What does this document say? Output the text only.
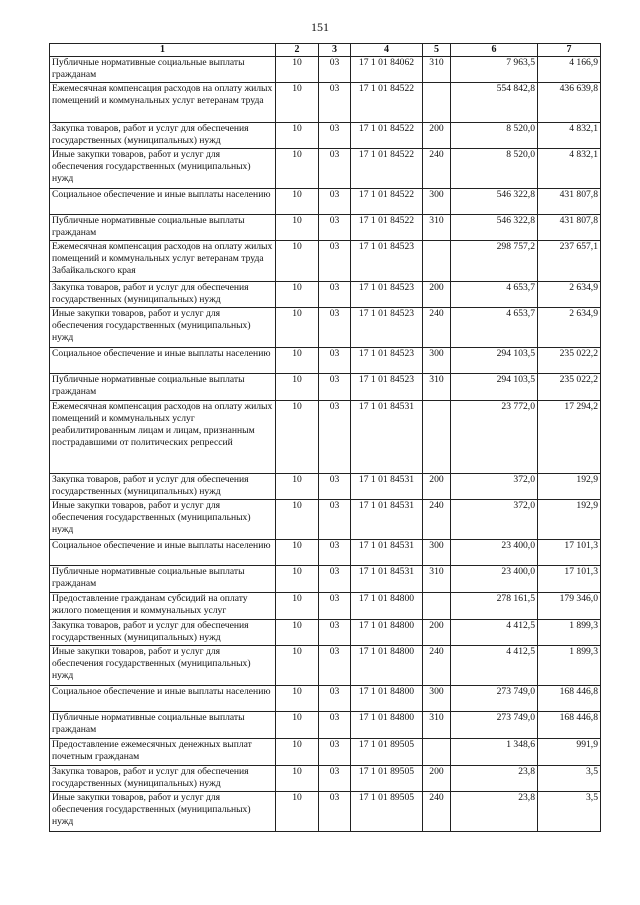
151
1	2	3	4	5	6	7
Публичные нормативные социальные выплаты гражданам	10	03	17 1 01 84062	310	7 963,5	4 166,9
Ежемесячная компенсация расходов на оплату жилых помещений и коммунальных услуг ветеранам труда	10	03	17 1 01 84522		554 842,8	436 639,8
Закупка товаров, работ и услуг для обеспечения государственных (муниципальных) нужд	10	03	17 1 01 84522	200	8 520,0	4 832,1
Иные закупки товаров, работ и услуг для обеспечения государственных (муниципальных) нужд	10	03	17 1 01 84522	240	8 520,0	4 832,1
Социальное обеспечение и иные выплаты населению	10	03	17 1 01 84522	300	546 322,8	431 807,8
Публичные нормативные социальные выплаты гражданам	10	03	17 1 01 84522	310	546 322,8	431 807,8
Ежемесячная компенсация расходов на оплату жилых помещений и коммунальных услуг ветеранам труда Забайкальского края	10	03	17 1 01 84523		298 757,2	237 657,1
Закупка товаров, работ и услуг для обеспечения государственных (муниципальных) нужд	10	03	17 1 01 84523	200	4 653,7	2 634,9
Иные закупки товаров, работ и услуг для обеспечения государственных (муниципальных) нужд	10	03	17 1 01 84523	240	4 653,7	2 634,9
Социальное обеспечение и иные выплаты населению	10	03	17 1 01 84523	300	294 103,5	235 022,2
Публичные нормативные социальные выплаты гражданам	10	03	17 1 01 84523	310	294 103,5	235 022,2
Ежемесячная компенсация расходов на оплату жилых помещений и коммунальных услуг реабилитированным лицам и лицам, признанным пострадавшими от политических репрессий	10	03	17 1 01 84531		23 772,0	17 294,2
Закупка товаров, работ и услуг для обеспечения государственных (муниципальных) нужд	10	03	17 1 01 84531	200	372,0	192,9
Иные закупки товаров, работ и услуг для обеспечения государственных (муниципальных) нужд	10	03	17 1 01 84531	240	372,0	192,9
Социальное обеспечение и иные выплаты населению	10	03	17 1 01 84531	300	23 400,0	17 101,3
Публичные нормативные социальные выплаты гражданам	10	03	17 1 01 84531	310	23 400,0	17 101,3
Предоставление гражданам субсидий на оплату жилого помещения и коммунальных услуг	10	03	17 1 01 84800		278 161,5	179 346,0
Закупка товаров, работ и услуг для обеспечения государственных (муниципальных) нужд	10	03	17 1 01 84800	200	4 412,5	1 899,3
Иные закупки товаров, работ и услуг для обеспечения государственных (муниципальных) нужд	10	03	17 1 01 84800	240	4 412,5	1 899,3
Социальное обеспечение и иные выплаты населению	10	03	17 1 01 84800	300	273 749,0	168 446,8
Публичные нормативные социальные выплаты гражданам	10	03	17 1 01 84800	310	273 749,0	168 446,8
Предоставление ежемесячных денежных выплат почетным гражданам	10	03	17 1 01 89505		1 348,6	991,9
Закупка товаров, работ и услуг для обеспечения государственных (муниципальных) нужд	10	03	17 1 01 89505	200	23,8	3,5
Иные закупки товаров, работ и услуг для обеспечения государственных (муниципальных) нужд	10	03	17 1 01 89505	240	23,8	3,5
